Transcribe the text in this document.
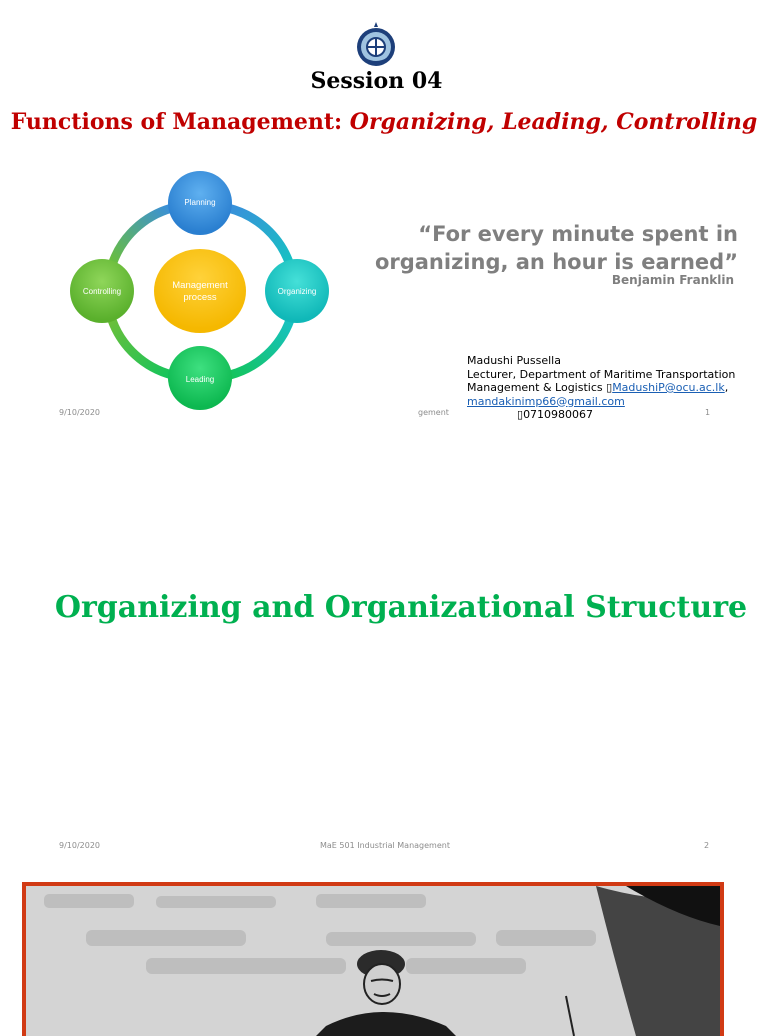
Session 04
Functions of Management: Organizing, Leading, Controlling
Management
process
Planning
Organizing
Leading
Controlling
“For every minute spent in
organizing, an hour is earned”
Benjamin Franklin
Madushi Pussella
Lecturer, Department of Maritime Transportation
Management & Logistics ▯MadushiP@ocu.ac.lk,
mandakinimp66@gmail.com
▯0710980067
9/10/2020	gement	1
Organizing and Organizational Structure
9/10/2020	MaE 501 Industrial Management	2
